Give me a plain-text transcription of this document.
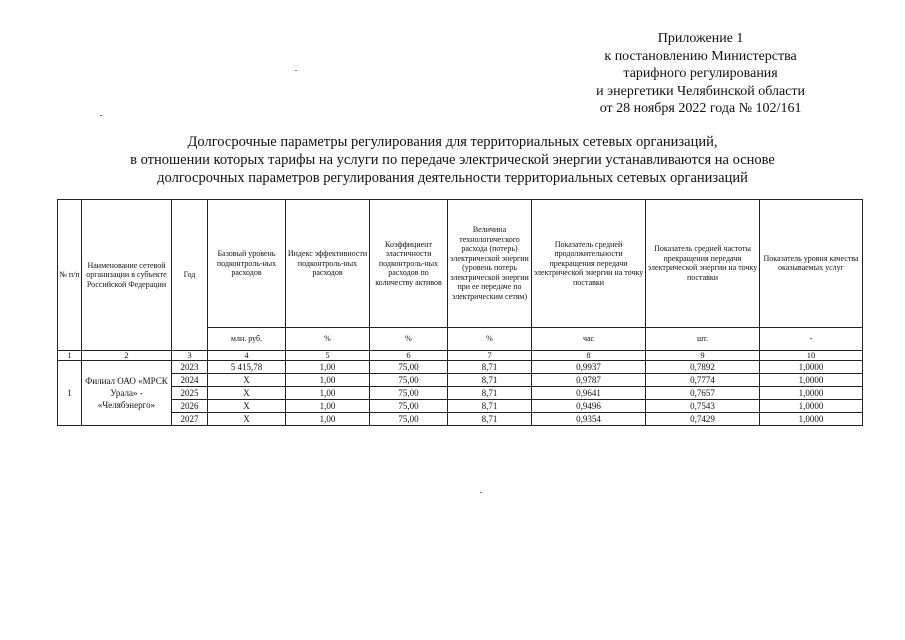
Приложение 1
к постановлению Министерства
тарифного регулирования
и энергетики Челябинской области
от 28 ноября 2022 года № 102/161
Долгосрочные параметры регулирования для территориальных сетевых организаций,
в отношении которых тарифы на услуги по передаче электрической энергии устанавливаются на основе
долгосрочных параметров регулирования деятельности территориальных сетевых организаций
№ п/п	Наименование сетевой организации в субъекте Российской Федерации	Год	Базовый уровень подконтроль-ных расходов	Индекс эффективности подконтроль-ных расходов	Коэффициент эластичности подконтроль-ных расходов по количеству активов	Величина технологического расхода (потерь) электрической энергии (уровень потерь электрической энергии при ее передаче по электрическим сетям)	Показатель средней продолжительности прекращения передачи электрической энергии на точку поставки	Показатель средней частоты прекращения передачи электрической энергии на точку поставки	Показатель уровня качества оказываемых услуг
			млн. руб.	%	%	%	час	шт.	-
1	2	3	4	5	6	7	8	9	10
1	Филиал ОАО «МРСК Урала» - «Челябэнерго»	2023	5 415,78	1,00	75,00	8,71	0,9937	0,7892	1,0000
		2024	X	1,00	75,00	8,71	0,9787	0,7774	1,0000
		2025	X	1,00	75,00	8,71	0,9641	0,7657	1,0000
		2026	X	1,00	75,00	8,71	0,9496	0,7543	1,0000
		2027	X	1,00	75,00	8,71	0,9354	0,7429	1,0000
